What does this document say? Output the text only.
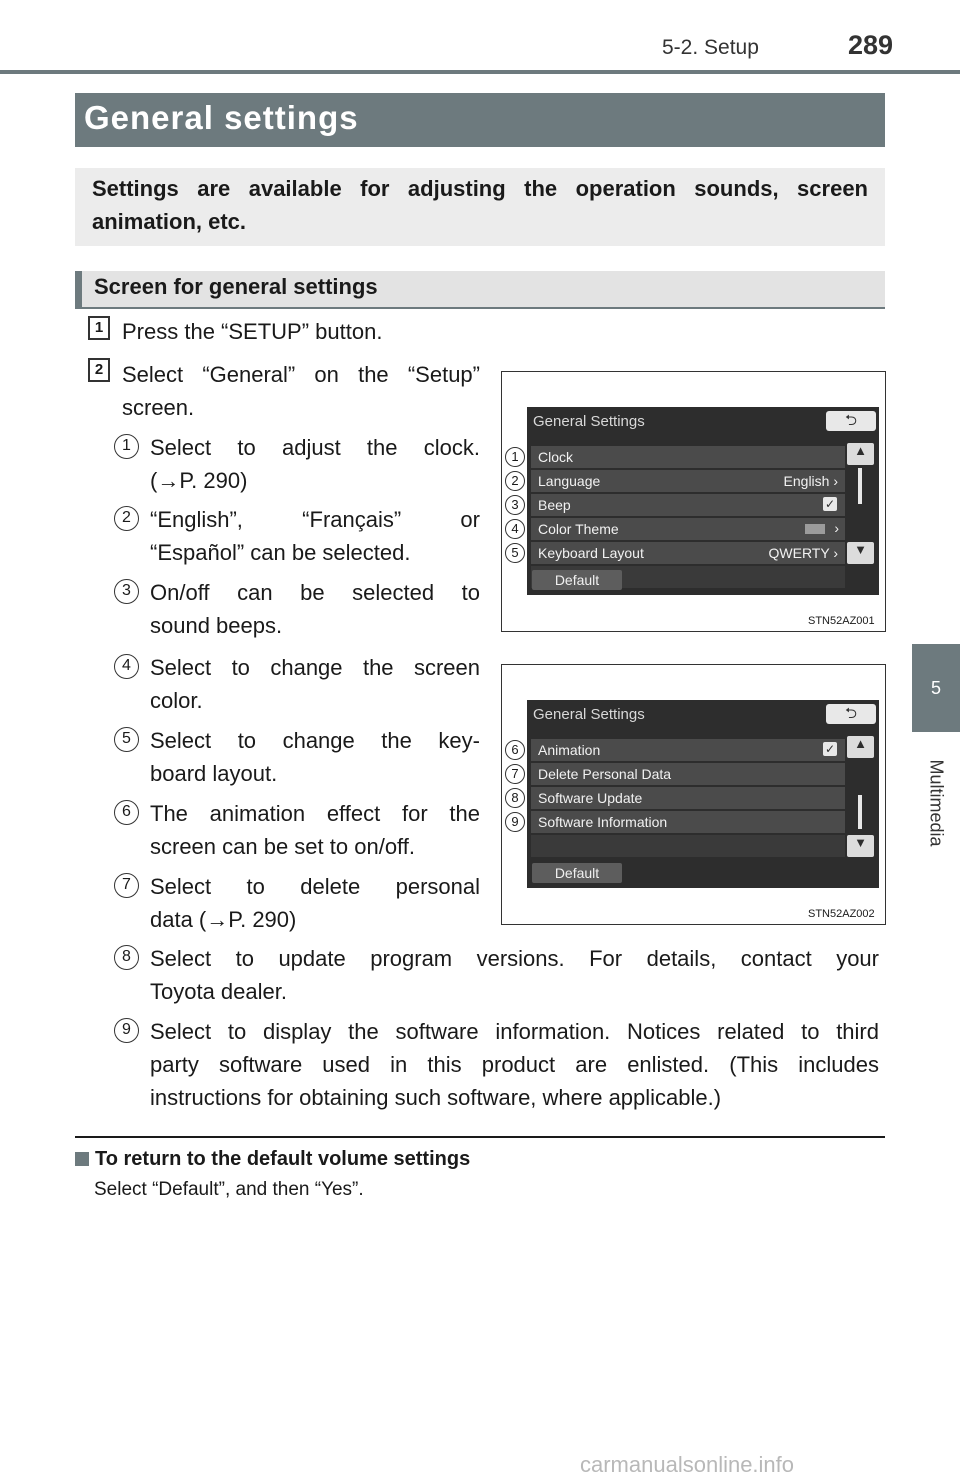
5-2. Setup	289
5
Multimedia
General settings

Settings are available for adjusting the operation sounds, screen animation, etc.

Screen for general settings
1 Press the “SETUP” button.
2 Select “General” on the “Setup”
screen.
1 Select to adjust the clock.
(→P. 290)
2 “English”, “Français” or
“Español” can be selected.
3 On/off can be selected to
sound beeps.
4 Select to change the screen
color.
5 Select to change the key-
board layout.
6 The animation effect for the
screen can be set to on/off.
7 Select to delete personal
data (→P. 290)
8 Select to update program versions. For details, contact your
Toyota dealer.
9 Select to display the software information. Notices related to third
party software used in this product are enlisted. (This includes
instructions for obtaining such software, where applicable.)
General Settings	⮌
Clock
Language	English ›
Beep	✓
Color Theme	›
Keyboard Layout	QWERTY ›
Default
▲
▼
1
2
3
4
5
STN52AZ001
General Settings	⮌
Animation	✓
Delete Personal Data
Software Update
Software Information
Default
▲
▼
6
7
8
9
STN52AZ002
To return to the default volume settings
Select “Default”, and then “Yes”.
carmanualsonline.info
